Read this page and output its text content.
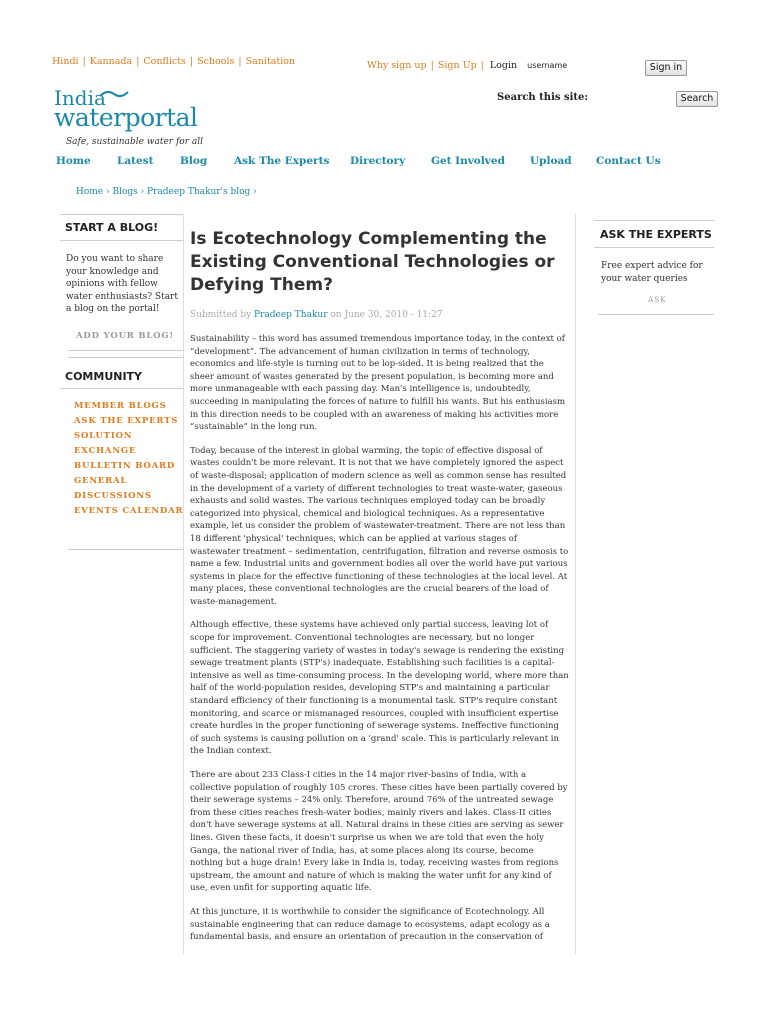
Hindi | Kannada | Conflicts | Schools | Sanitation	Why sign up | Sign Up | Login username	Sign in
Search this site:	Search
India
waterportal
Safe, sustainable water for all
Home	Latest	Blog	Ask The Experts Directory Get Involved Upload Contact Us
Home › Blogs › Pradeep Thakur's blog ›
START A BLOG!
Do you want to share your knowledge and opinions with fellow water enthusiasts? Start a blog on the portal!
ADD YOUR BLOG!
COMMUNITY
MEMBER BLOGS
ASK THE EXPERTS
SOLUTION EXCHANGE
BULLETIN BOARD
GENERAL DISCUSSIONS
EVENTS CALENDAR
ASK THE EXPERTS
Free expert advice for your water queries
ASK
Is Ecotechnology Complementing the Existing Conventional Technologies or Defying Them?
Submitted by Pradeep Thakur on June 30, 2010 - 11:27

Sustainability – this word has assumed tremendous importance today, in the context of “development”. The advancement of human civilization in terms of technology, economics and life-style is turning out to be lop-sided. It is being realized that the sheer amount of wastes generated by the present population, is becoming more and more unmanageable with each passing day. Man's intelligence is, undoubtedly, succeeding in manipulating the forces of nature to fulfill his wants. But his enthusiasm in this direction needs to be coupled with an awareness of making his activities more “sustainable” in the long run.

Today, because of the interest in global warming, the topic of effective disposal of wastes couldn't be more relevant. It is not that we have completely ignored the aspect of waste-disposal; application of modern science as well as common sense has resulted in the development of a variety of different technologies to treat waste-water, gaseous exhausts and solid wastes. The various techniques employed today can be broadly categorized into physical, chemical and biological techniques. As a representative example, let us consider the problem of wastewater-treatment. There are not less than 18 different 'physical' techniques, which can be applied at various stages of wastewater treatment – sedimentation, centrifugation, filtration and reverse osmosis to name a few. Industrial units and government bodies all over the world have put various systems in place for the effective functioning of these technologies at the local level. At many places, these conventional technologies are the crucial bearers of the load of waste-management.

Although effective, these systems have achieved only partial success, leaving lot of scope for improvement. Conventional technologies are necessary, but no longer sufficient. The staggering variety of wastes in today's sewage is rendering the existing sewage treatment plants (STP's) inadequate. Establishing such facilities is a capital-intensive as well as time-consuming process. In the developing world, where more than half of the world-population resides, developing STP's and maintaining a particular standard efficiency of their functioning is a monumental task. STP's require constant monitoring, and scarce or mismanaged resources, coupled with insufficient expertise create hurdles in the proper functioning of sewerage systems. Ineffective functioning of such systems is causing pollution on a 'grand' scale. This is particularly relevant in the Indian context.

There are about 233 Class-I cities in the 14 major river-basins of India, with a collective population of roughly 105 crores. These cities have been partially covered by their sewerage systems – 24% only. Therefore, around 76% of the untreated sewage from these cities reaches fresh-water bodies, mainly rivers and lakes. Class-II cities don't have sewerage systems at all. Natural drains in these cities are serving as sewer lines. Given these facts, it doesn't surprise us when we are told that even the holy Ganga, the national river of India, has, at some places along its course, become nothing but a huge drain! Every lake in India is, today, receiving wastes from regions upstream, the amount and nature of which is making the water unfit for any kind of use, even unfit for supporting aquatic life.

At this juncture, it is worthwhile to consider the significance of Ecotechnology. All sustainable engineering that can reduce damage to ecosystems, adapt ecology as a fundamental basis, and ensure an orientation of precaution in the conservation of
